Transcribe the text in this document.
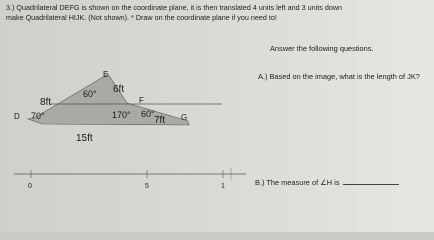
3.) Quadrilateral DEFG is shown on the coordinate plane, it is then translated 4 units left and 3 units down
make Quadrilateral HIJK. (Not shown). * Draw on the coordinate plane if you need to!
E
F
D	G
6ft
8ft
7ft
15ft
60°
170°
70°	60°
0	5	1
Answer the following questions.
A.) Based on the image, what is the length of JK?
B.) The measure of ∠H is
